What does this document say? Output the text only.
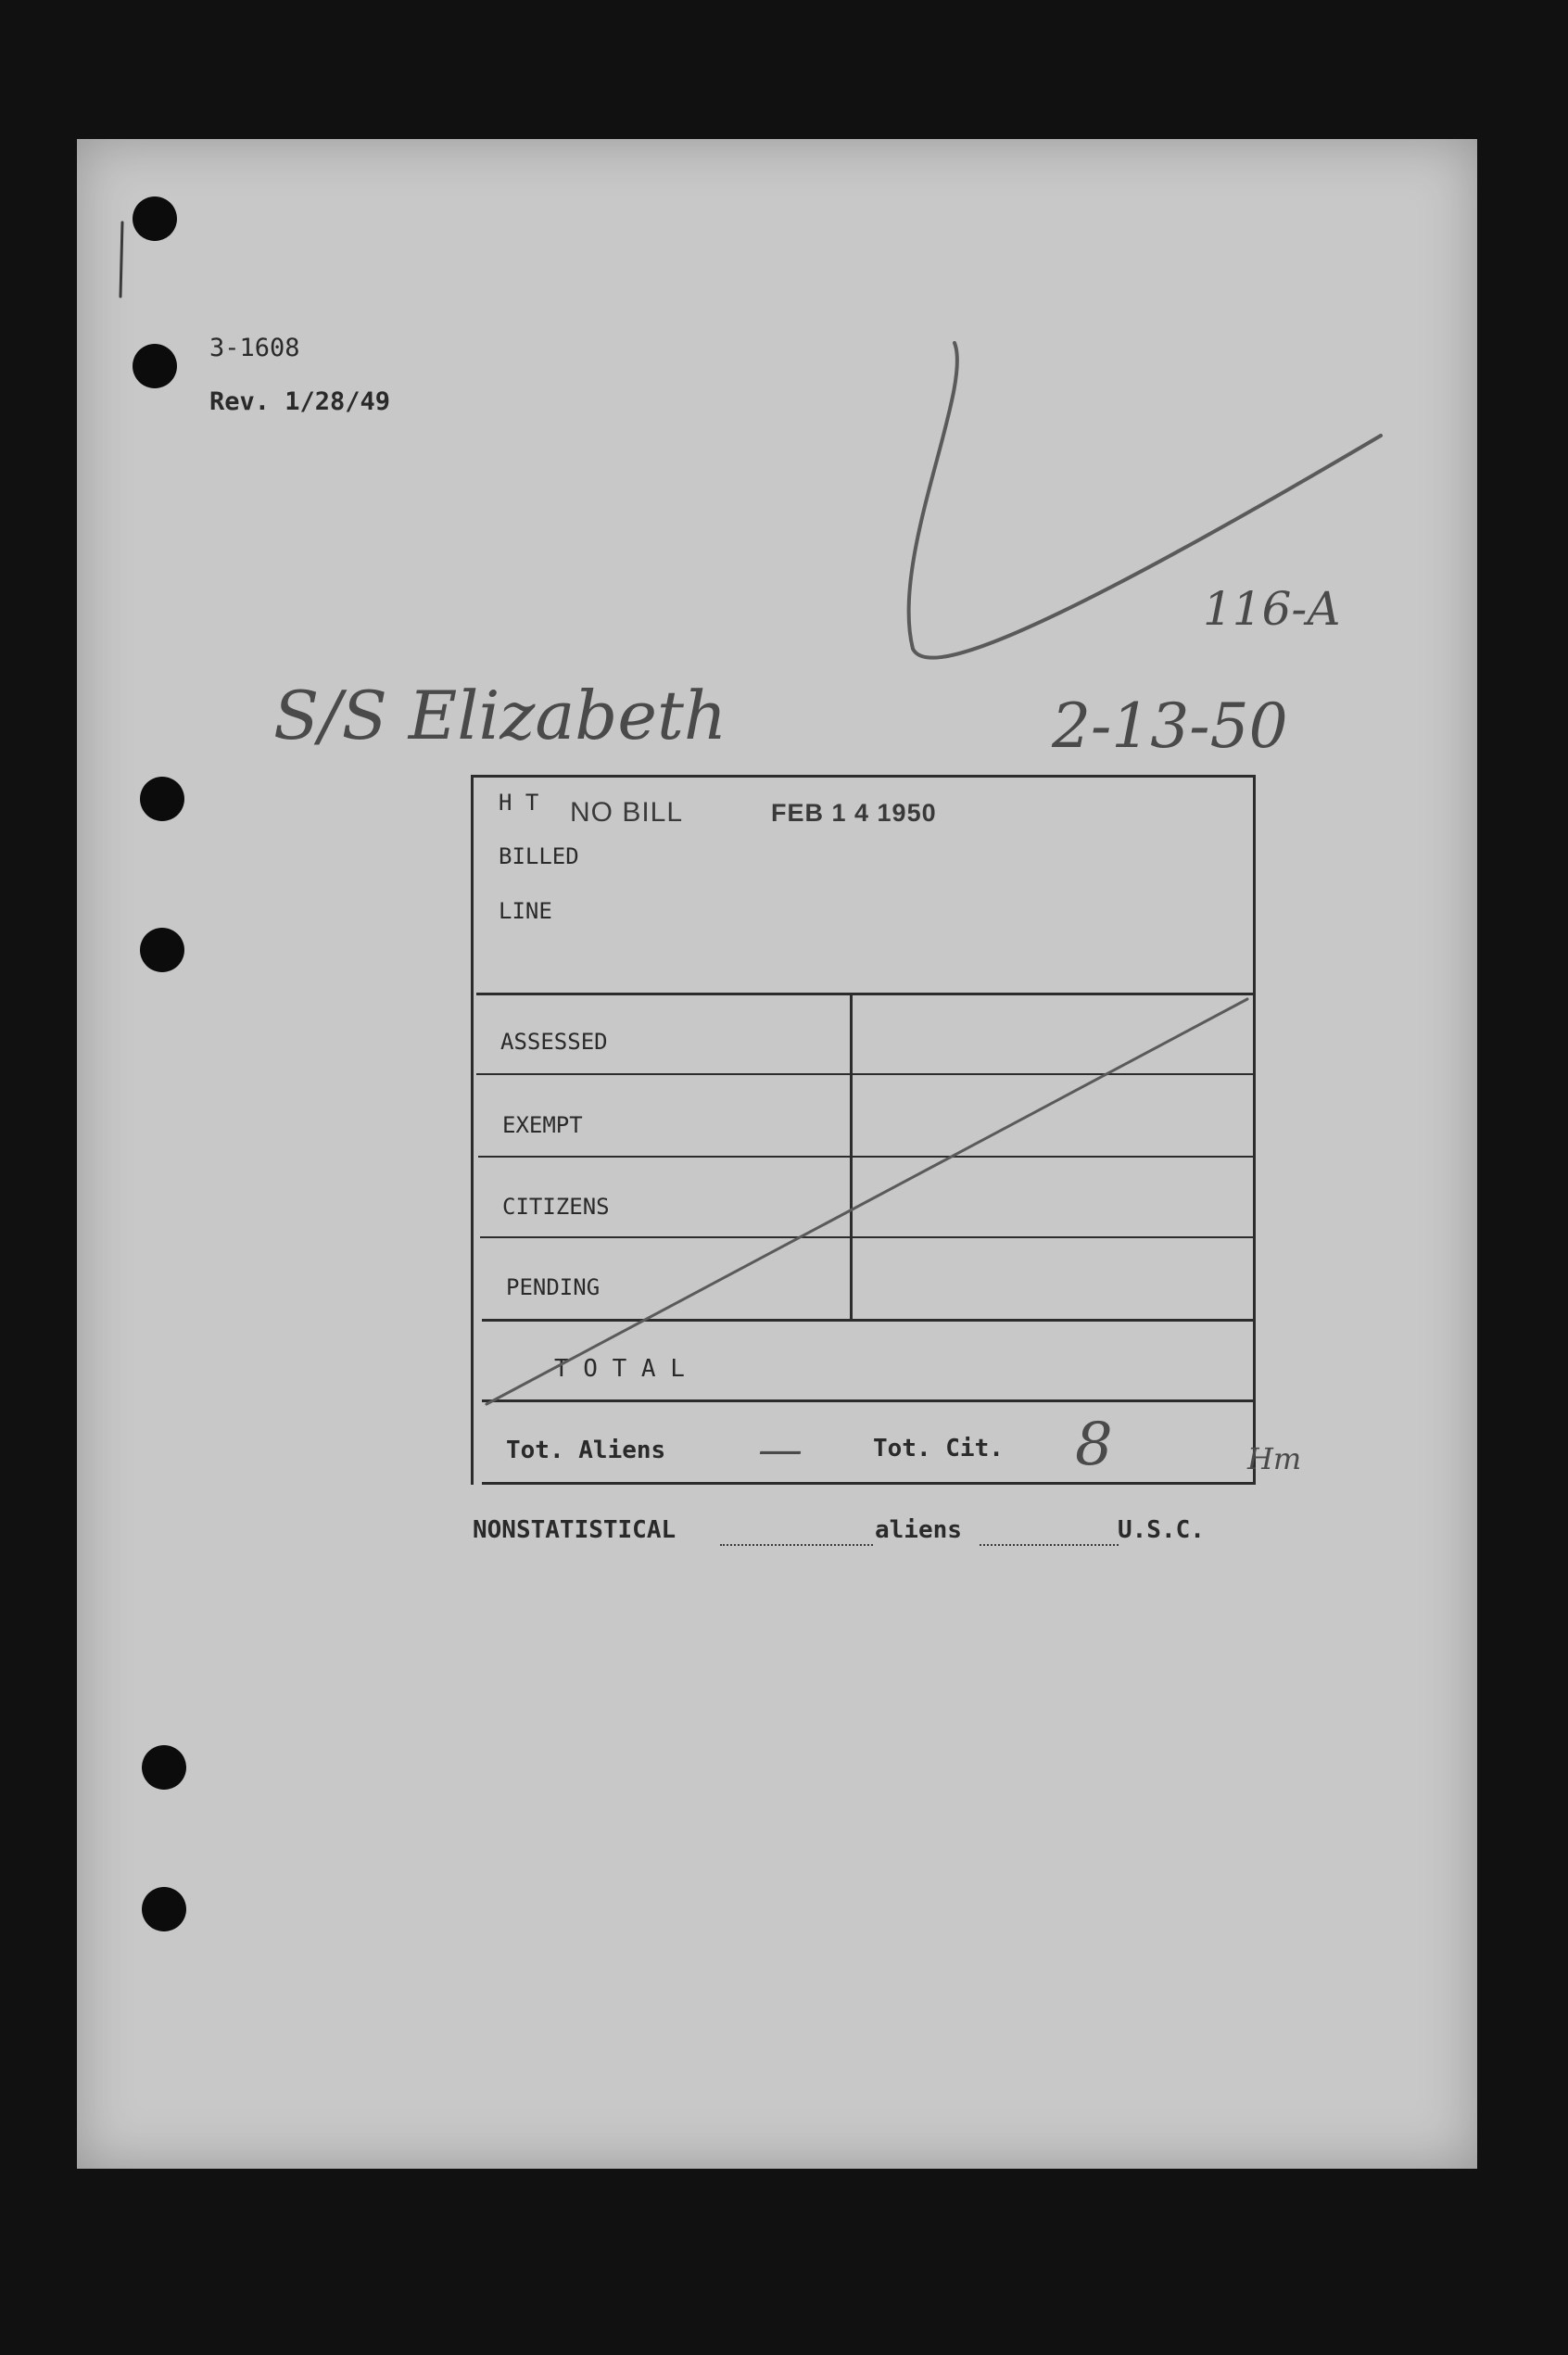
3-1608
Rev. 1/28/49
116-A
S/S Elizabeth	2-13-50
NO BILL	FEB 1 4 1950
H T
BILLED
LINE
ASSESSED
EXEMPT
CITIZENS
PENDING
T O T A L
Tot. Aliens —	Tot. Cit. 8	Hm
NONSTATISTICAL	aliens	U.S.C.
